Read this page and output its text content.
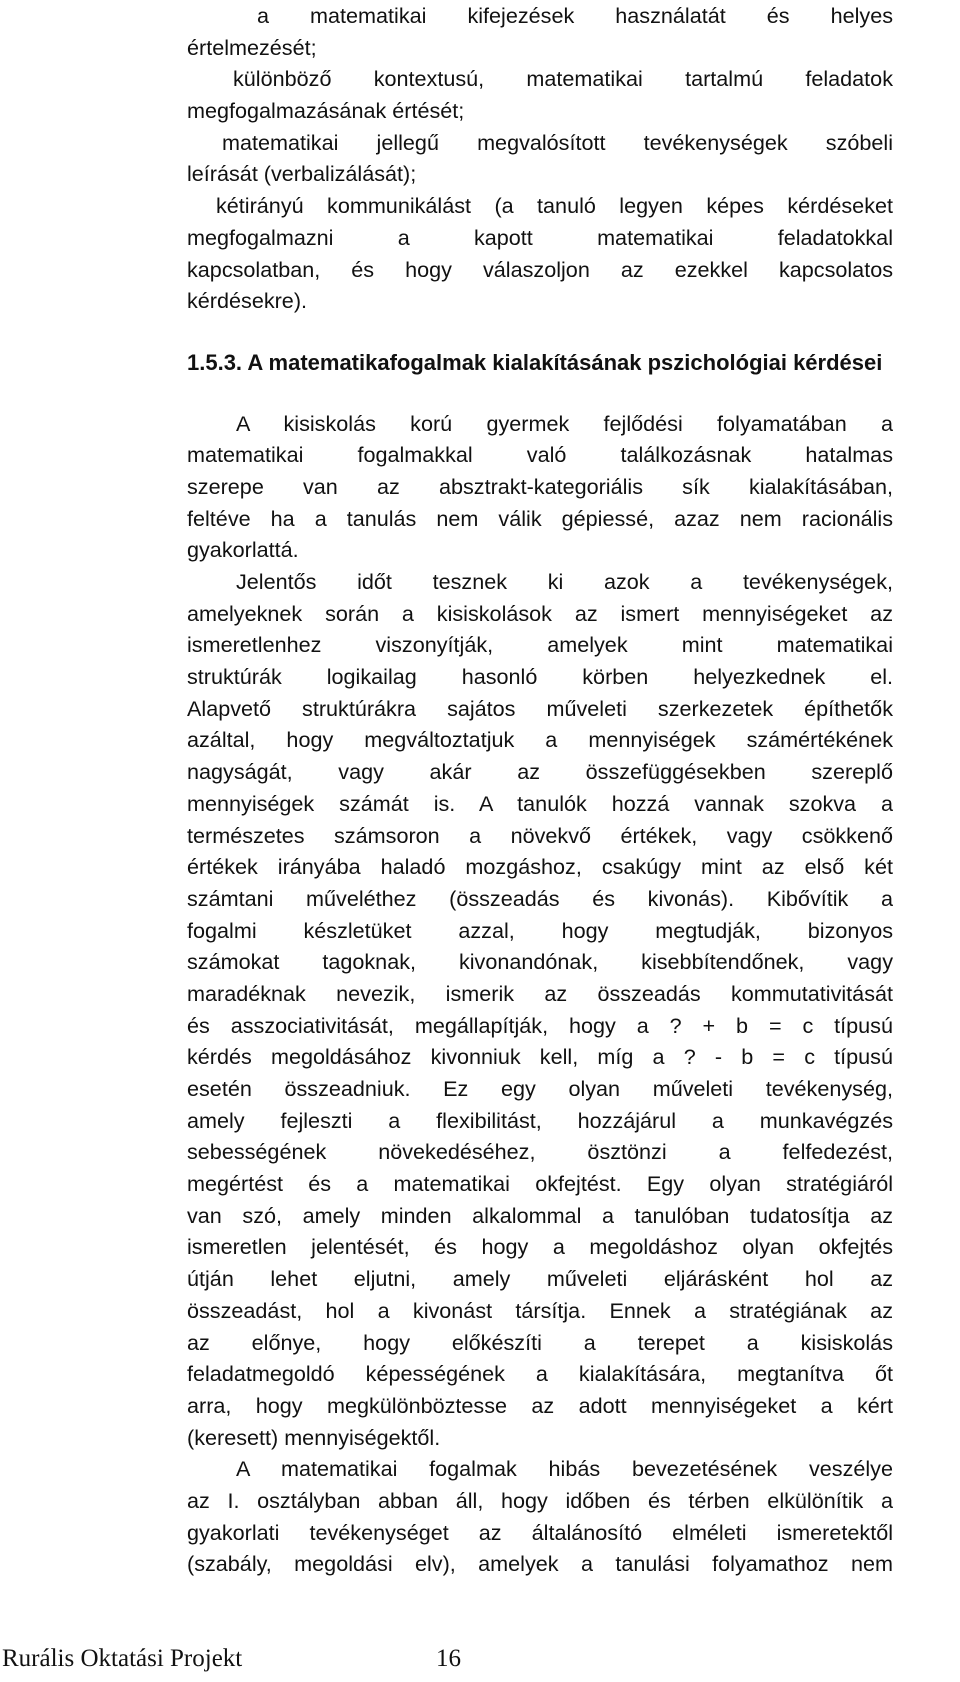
a matematikai kifejezések használatát és helyes
értelmezését;
különböző kontextusú, matematikai tartalmú feladatok
megfogalmazásának értését;
matematikai jellegű megvalósított tevékenységek szóbeli
leírását (verbalizálását);
kétirányú kommunikálást (a tanuló legyen képes kérdéseket
megfogalmazni a kapott matematikai feladatokkal
kapcsolatban, és hogy válaszoljon az ezekkel kapcsolatos
kérdésekre).
1.5.3. A matematikafogalmak kialakításának pszichológiai kérdései
A kisiskolás korú gyermek fejlődési folyamatában a
matematikai fogalmakkal való találkozásnak hatalmas
szerepe van az absztrakt-kategoriális sík kialakításában,
feltéve ha a tanulás nem válik gépiessé, azaz nem racionális
gyakorlattá.
Jelentős időt tesznek ki azok a tevékenységek,
amelyeknek során a kisiskolások az ismert mennyiségeket az
ismeretlenhez viszonyítják, amelyek mint matematikai
struktúrák logikailag hasonló körben helyezkednek el.
Alapvető struktúrákra sajátos műveleti szerkezetek építhetők
azáltal, hogy megváltoztatjuk a mennyiségek számértékének
nagyságát, vagy akár az összefüggésekben szereplő
mennyiségek számát is. A tanulók hozzá vannak szokva a
természetes számsoron a növekvő értékek, vagy csökkenő
értékek irányába haladó mozgáshoz, csakúgy mint az első két
számtani műveléthez (összeadás és kivonás). Kibővítik a
fogalmi készletüket azzal, hogy megtudják, bizonyos
számokat tagoknak, kivonandónak, kisebbítendőnek, vagy
maradéknak nevezik, ismerik az összeadás kommutativitását
és asszociativitását, megállapítják, hogy a ? + b = c típusú
kérdés megoldásához kivonniuk kell, míg a ? - b = c típusú
esetén összeadniuk. Ez egy olyan műveleti tevékenység,
amely fejleszti a flexibilitást, hozzájárul a munkavégzés
sebességének növekedéséhez, ösztönzi a felfedezést,
megértést és a matematikai okfejtést. Egy olyan stratégiáról
van szó, amely minden alkalommal a tanulóban tudatosítja az
ismeretlen jelentését, és hogy a megoldáshoz olyan okfejtés
útján lehet eljutni, amely műveleti eljárásként hol az
összeadást, hol a kivonást társítja. Ennek a stratégiának az
az előnye, hogy előkészíti a terepet a kisiskolás
feladatmegoldó képességének a kialakítására, megtanítva őt
arra, hogy megkülönböztesse az adott mennyiségeket a kért
(keresett) mennyiségektől.
A matematikai fogalmak hibás bevezetésének veszélye
az I. osztályban abban áll, hogy időben és térben elkülönítik a
gyakorlati tevékenységet az általánosító elméleti ismeretektől
(szabály, megoldási elv), amelyek a tanulási folyamathoz nem
Rurális Oktatási Projekt	16
